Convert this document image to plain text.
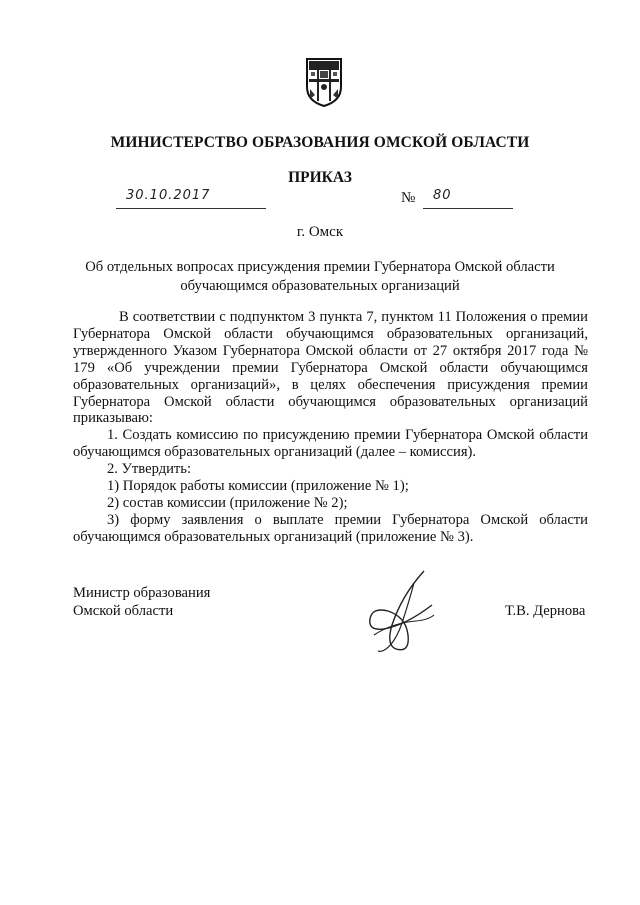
МИНИСТЕРСТВО ОБРАЗОВАНИЯ ОМСКОЙ ОБЛАСТИ
ПРИКАЗ
30.10.2017	№ 80
г. Омск
Об отдельных вопросах присуждения премии Губернатора Омской области
обучающимся образовательных организаций

В соответствии с подпунктом 3 пункта 7, пунктом 11 Положения о премии Губернатора Омской области обучающимся образовательных организаций, утвержденного Указом Губернатора Омской области от 27 октября 2017 года № 179 «Об учреждении премии Губернатора Омской области обучающимся образовательных организаций», в целях обеспечения присуждения премии Губернатора Омской области обучающимся образовательных организаций приказываю:

1. Создать комиссию по присуждению премии Губернатора Омской области обучающимся образовательных организаций (далее – комиссия).

2. Утвердить:

1) Порядок работы комиссии (приложение № 1);

2) состав комиссии (приложение № 2);

3) форму заявления о выплате премии Губернатора Омской области обучающимся образовательных организаций (приложение № 3).

Министр образования
Омской области	Т.В. Дернова
